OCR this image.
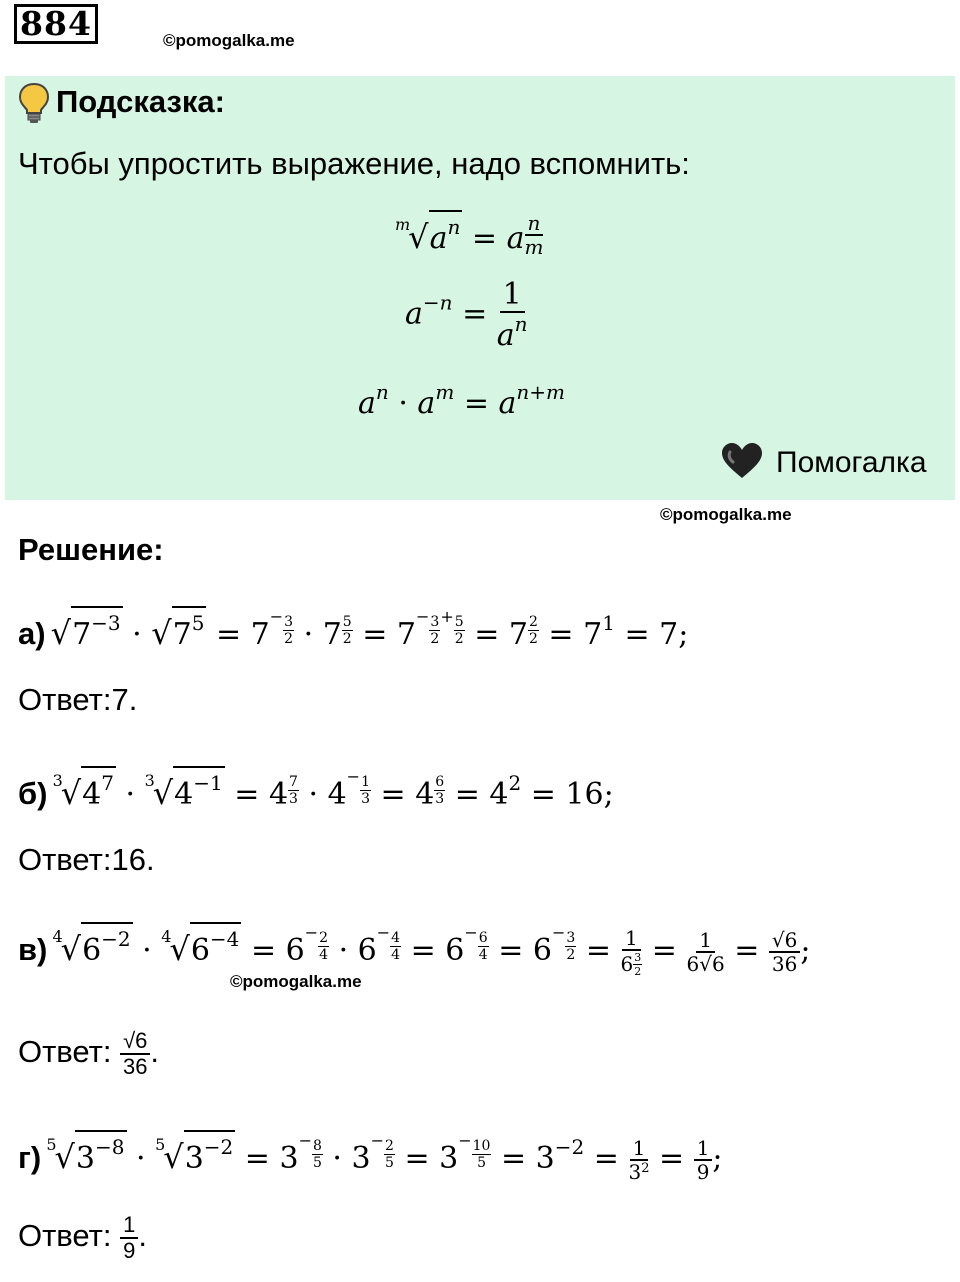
884	©pomogalka.me
Подсказка:
Чтобы упростить выражение, надо вспомнить:
$^m√a^n = a \frac{n}{m}$
$a^{-n} = \frac{1}{a^n}$
$a^n \cdot a^m = a^{n+m}$
Помогалка
©pomogalka.me
Решение:
а) $√7^{-3} \cdot √7^5 = 7^- \frac{3}{2} \cdot 7 \frac{5}{2} = 7^- \frac{3}{2} ^+ \frac{5}{2} = 7 \frac{2}{2} = 7^1 = 7$;
Ответ:7.
б) $^3√4^7 \cdot ^3√4^{-1} = 4 \frac{7}{3} \cdot 4^- \frac{1}{3} = 4 \frac{6}{3} = 4^2 = 16$;
Ответ:16.
в) $^4√6^{-2} \cdot ^4√6^{-4} = 6^- \frac{2}{4} \cdot 6^- \frac{4}{4} = 6^- \frac{6}{4} = 6^- \frac{3}{2} = \frac{1}{6 \frac{3}{2}} = \frac{1}{6√6} = \frac{√6}{36}$ ;
©pomogalka.me
Ответ: $\frac{√6}{36}$ .
г) $^5√3^{-8} \cdot ^5√3^{-2} = 3^- \frac{8}{5} \cdot 3^- \frac{2}{5} = 3^- \frac{10}{5} = 3^{-2} = \frac{1}{3^2} = \frac{1}{9}$ ;
Ответ: $\frac{1}{9}$ .
